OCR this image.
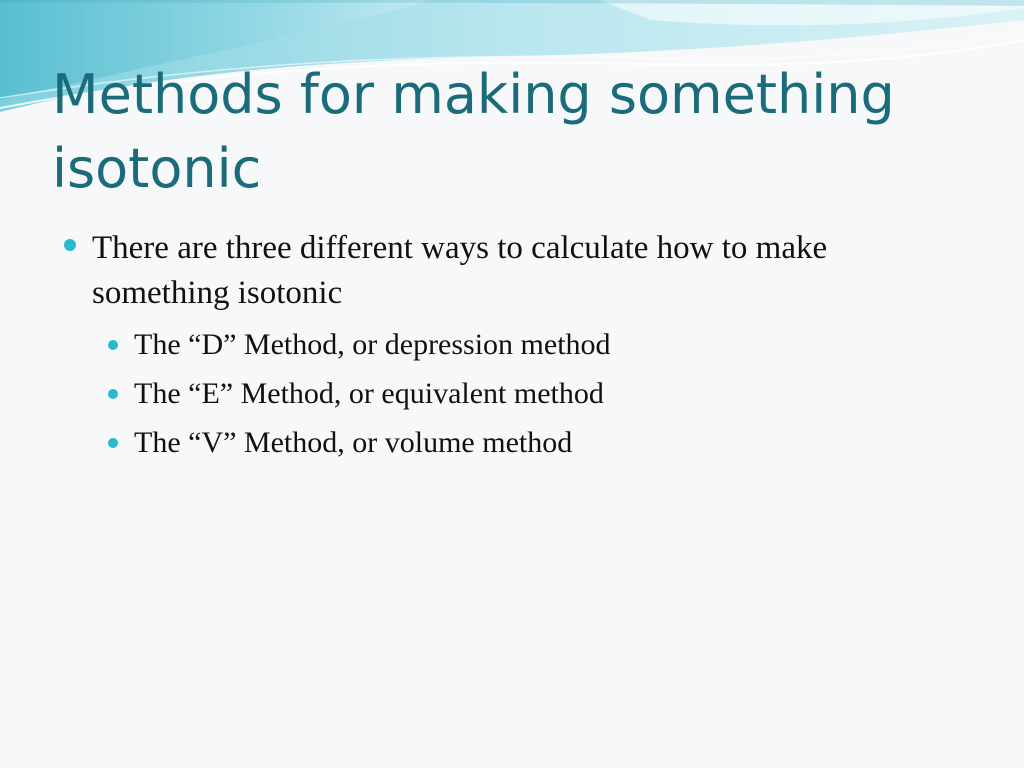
Methods for making something isotonic
There are three different ways to calculate how to make something isotonic
The “D” Method, or depression method
The “E” Method, or equivalent method
The “V” Method, or volume method
